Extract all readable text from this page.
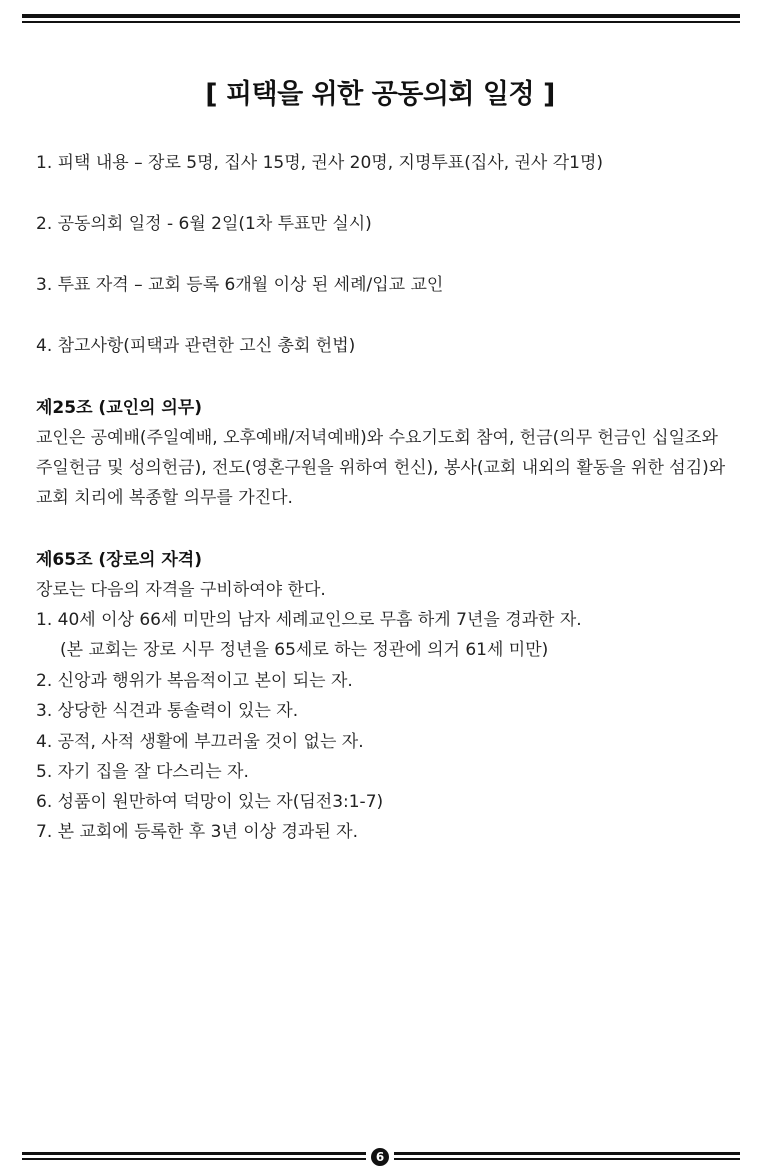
[ 피택을 위한 공동의회 일정 ]
1. 피택 내용 – 장로 5명, 집사 15명, 권사 20명, 지명투표(집사, 권사 각1명)
2. 공동의회 일정 - 6월 2일(1차 투표만 실시)
3. 투표 자격 – 교회 등록 6개월 이상 된 세례/입교 교인
4. 참고사항(피택과 관련한 고신 총회 헌법)
제25조 (교인의 의무)
교인은 공예배(주일예배, 오후예배/저녁예배)와 수요기도회 참여, 헌금(의무 헌금인 십일조와
주일헌금 및 성의헌금), 전도(영혼구원을 위하여 헌신), 봉사(교회 내외의 활동을 위한 섬김)와
교회 치리에 복종할 의무를 가진다.
제65조 (장로의 자격)
장로는 다음의 자격을 구비하여야 한다.
1. 40세 이상 66세 미만의 남자 세례교인으로 무흠 하게 7년을 경과한 자.
(본 교회는 장로 시무 정년을 65세로 하는 정관에 의거 61세 미만)
2. 신앙과 행위가 복음적이고 본이 되는 자.
3. 상당한 식견과 통솔력이 있는 자.
4. 공적, 사적 생활에 부끄러울 것이 없는 자.
5. 자기 집을 잘 다스리는 자.
6. 성품이 원만하여 덕망이 있는 자(딤전3:1-7)
7. 본 교회에 등록한 후 3년 이상 경과된 자.
6
